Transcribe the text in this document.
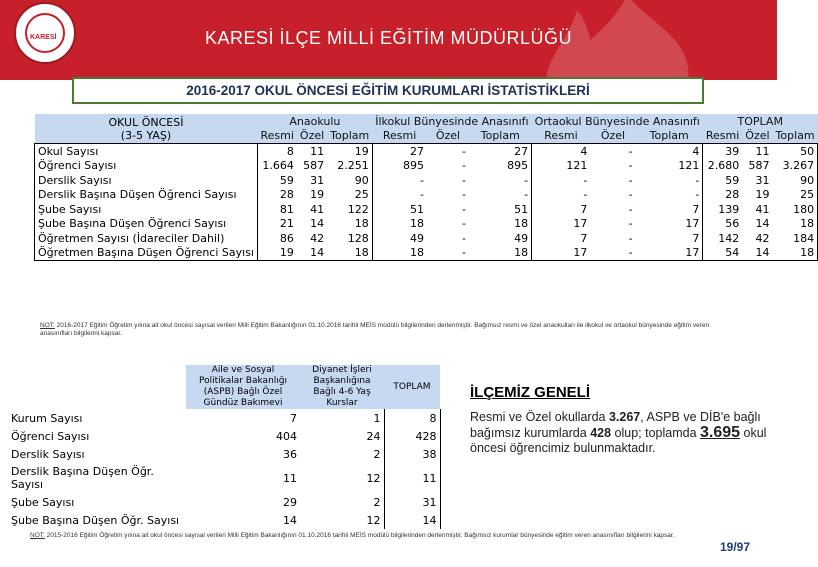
KARESİ	KARESİ İLÇE MİLLİ EĞİTİM MÜDÜRLÜĞÜ
2016-2017 OKUL ÖNCESİ EĞİTİM KURUMLARI İSTATİSTİKLERİ
OKUL ÖNCESİ
(3-5 YAŞ)	Anaokulu			İlkokul Bünyesinde Anasınıfı			Ortaokul Bünyesinde Anasınıfı			TOPLAM		
	Resmi	Özel	Toplam	Resmi	Özel	Toplam	Resmi	Özel	Toplam	Resmi	Özel	Toplam
Okul Sayısı	8	11	19	27	-	27	4	-	4	39	11	50
Öğrenci Sayısı	1.664	587	2.251	895	-	895	121	-	121	2.680	587	3.267
Derslik Sayısı	59	31	90	-	-	-	-	-	-	59	31	90
Derslik Başına Düşen Öğrenci Sayısı	28	19	25	-	-	-	-	-	-	28	19	25
Şube Sayısı	81	41	122	51	-	51	7	-	7	139	41	180
Şube Başına Düşen Öğrenci Sayısı	21	14	18	18	-	18	17	-	17	56	14	18
Öğretmen Sayısı (İdareciler Dahil)	86	42	128	49	-	49	7	-	7	142	42	184
Öğretmen Başına Düşen Öğrenci Sayısı	19	14	18	18	-	18	17	-	17	54	14	18
NOT: 2016-2017 Eğitim Öğretim yılına ait okul öncesi sayısal verileri Milli Eğitim Bakanlığının 01.10.2016 tarihli MEİS modülü bilgilerinden derlenmiştir. Bağımsız resmi ve özel anaokulları ile ilkokul ve ortaokul bünyesinde eğitim veren anasınıfları bilgilerini kapsar.
	Aile ve Sosyal Politikalar Bakanlığı (ASPB) Bağlı Özel Gündüz Bakımevi	Diyanet İşleri Başkanlığına Bağlı 4-6 Yaş Kurslar	TOPLAM
Kurum Sayısı	7	1	8
Öğrenci Sayısı	404	24	428
Derslik Sayısı	36	2	38
Derslik Başına Düşen Öğr. Sayısı	11	12	11
Şube Sayısı	29	2	31
Şube Başına Düşen Öğr. Sayısı	14	12	14
İLÇEMİZ GENELİ
Resmi ve Özel okullarda 3.267, ASPB ve DİB'e bağlı bağımsız kurumlarda 428 olup; toplamda 3.695 okul öncesi öğrencimiz bulunmaktadır.
NOT: 2015-2016 Eğitim Öğretim yılına ait okul öncesi sayısal verileri Milli Eğitim Bakanlığının 01.10.2016 tarihli MEİS modülü bilgilerinden derlenmiştir. Bağımsız kurumlar bünyesinde eğitim veren anasınıfları bilgilerini kapsar.
19/97
